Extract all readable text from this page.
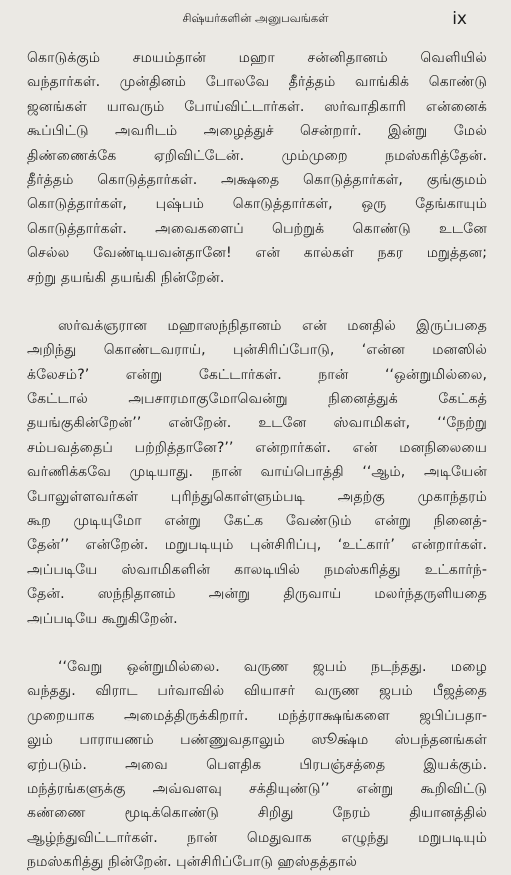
சிஷ்யர்களின் அனுபவங்கள்	ix
கொடுக்கும் சமயம்தான் மஹா சன்னிதானம் வெளியில்
வந்தார்கள். முன்தினம் போலவே தீர்த்தம் வாங்கிக் கொண்டு
ஜனங்கள் யாவரும் போய்விட்டார்கள். ஸர்வாதிகாரி என்னைக்
கூப்பிட்டு அவரிடம் அழைத்துச் சென்றார். இன்று மேல்
திண்ணைக்கே ஏறிவிட்டேன். மும்முறை நமஸ்கரித்தேன்.
தீர்த்தம் கொடுத்தார்கள். அக்ஷதை கொடுத்தார்கள், குங்குமம்
கொடுத்தார்கள், புஷ்பம் கொடுத்தார்கள், ஒரு தேங்காயும்
கொடுத்தார்கள். அவைகளைப் பெற்றுக் கொண்டு உடனே
செல்ல வேண்டியவன்தானே! என் கால்கள் நகர மறுத்தன;
சற்று தயங்கி தயங்கி நின்றேன்.
ஸர்வக்ஞரான மஹாஸந்நிதானம் என் மனதில் இருப்பதை
அறிந்து கொண்டவராய், புன்சிரிப்போடு, ‘என்ன மனஸில்
க்லேசம்?’ என்று கேட்டார்கள். நான் ‘‘ஒன்றுமில்லை,
கேட்டால் அபசாரமாகுமோவென்று நினைத்துக் கேட்கத்
தயங்குகின்றேன்’’ என்றேன். உடனே ஸ்வாமிகள், ‘‘நேற்று
சம்பவத்தைப் பற்றித்தானே?’’ என்றார்கள். என் மனநிலையை
வர்ணிக்கவே முடியாது. நான் வாய்பொத்தி ‘‘ஆம், அடியேன்
போலுள்ளவர்கள் புரிந்துகொள்ளும்படி அதற்கு முகாந்தரம்
கூற முடியுமோ என்று கேட்க வேண்டும் என்று நினைத்-
தேன்’’ என்றேன். மறுபடியும் புன்சிரிப்பு, ‘உட்கார்’ என்றார்கள்.
அப்படியே ஸ்வாமிகளின் காலடியில் நமஸ்கரித்து உட்கார்ந்-
தேன். ஸந்நிதானம் அன்று திருவாய் மலர்ந்தருளியதை
அப்படியே கூறுகிறேன்.
‘‘வேறு ஒன்றுமில்லை. வருண ஜபம் நடந்தது. மழை
வந்தது. விராட பர்வாவில் வியாசர் வருண ஜபம் பீஜத்தை
முறையாக அமைத்திருக்கிறார். மந்த்ராக்ஷங்களை ஜபிப்பதா-
லும் பாராயணம் பண்ணுவதாலும் ஸூக்ஷ்ம ஸ்பந்தனங்கள்
ஏற்படும். அவை பௌதிக பிரபஞ்சத்தை இயக்கும்.
மந்த்ரங்களுக்கு அவ்வளவு சக்தியுண்டு’’ என்று கூறிவிட்டு
கண்ணை மூடிக்கொண்டு சிறிது நேரம் தியானத்தில்
ஆழ்ந்துவிட்டார்கள். நான் மெதுவாக எழுந்து மறுபடியும்
நமஸ்கரித்து நின்றேன். புன்சிரிப்போடு ஹஸ்தத்தால்
